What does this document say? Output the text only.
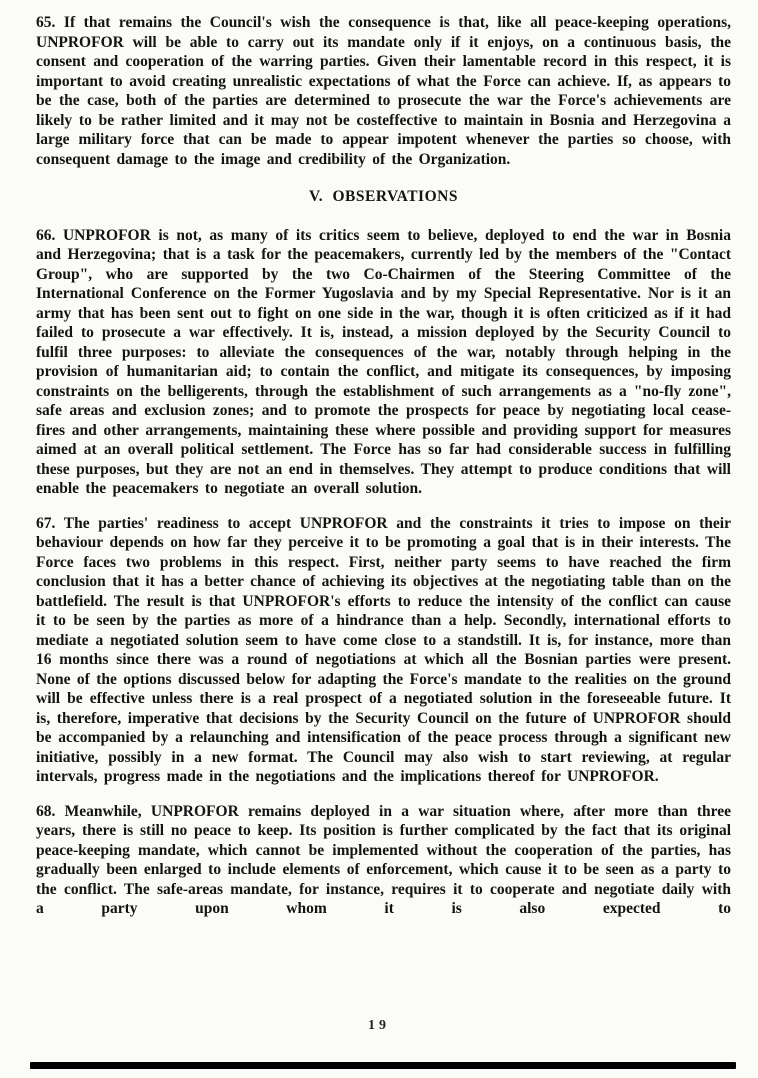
65. If that remains the Council's wish the consequence is that, like all peace-keeping operations, UNPROFOR will be able to carry out its mandate only if it enjoys, on a continuous basis, the consent and cooperation of the warring parties. Given their lamentable record in this respect, it is important to avoid creating unrealistic expectations of what the Force can achieve. If, as appears to be the case, both of the parties are determined to prosecute the war the Force's achievements are likely to be rather limited and it may not be costeffective to maintain in Bosnia and Herzegovina a large military force that can be made to appear impotent whenever the parties so choose, with consequent damage to the image and credibility of the Organization.

V. OBSERVATIONS

66. UNPROFOR is not, as many of its critics seem to believe, deployed to end the war in Bosnia and Herzegovina; that is a task for the peacemakers, currently led by the members of the "Contact Group", who are supported by the two Co-Chairmen of the Steering Committee of the International Conference on the Former Yugoslavia and by my Special Representative. Nor is it an army that has been sent out to fight on one side in the war, though it is often criticized as if it had failed to prosecute a war effectively. It is, instead, a mission deployed by the Security Council to fulfil three purposes: to alleviate the consequences of the war, notably through helping in the provision of humanitarian aid; to contain the conflict, and mitigate its consequences, by imposing constraints on the belligerents, through the establishment of such arrangements as a "no-fly zone", safe areas and exclusion zones; and to promote the prospects for peace by negotiating local cease-fires and other arrangements, maintaining these where possible and providing support for measures aimed at an overall political settlement. The Force has so far had considerable success in fulfilling these purposes, but they are not an end in themselves. They attempt to produce conditions that will enable the peacemakers to negotiate an overall solution.

67. The parties' readiness to accept UNPROFOR and the constraints it tries to impose on their behaviour depends on how far they perceive it to be promoting a goal that is in their interests. The Force faces two problems in this respect. First, neither party seems to have reached the firm conclusion that it has a better chance of achieving its objectives at the negotiating table than on the battlefield. The result is that UNPROFOR's efforts to reduce the intensity of the conflict can cause it to be seen by the parties as more of a hindrance than a help. Secondly, international efforts to mediate a negotiated solution seem to have come close to a standstill. It is, for instance, more than 16 months since there was a round of negotiations at which all the Bosnian parties were present. None of the options discussed below for adapting the Force's mandate to the realities on the ground will be effective unless there is a real prospect of a negotiated solution in the foreseeable future. It is, therefore, imperative that decisions by the Security Council on the future of UNPROFOR should be accompanied by a relaunching and intensification of the peace process through a significant new initiative, possibly in a new format. The Council may also wish to start reviewing, at regular intervals, progress made in the negotiations and the implications thereof for UNPROFOR.

68. Meanwhile, UNPROFOR remains deployed in a war situation where, after more than three years, there is still no peace to keep. Its position is further complicated by the fact that its original peace-keeping mandate, which cannot be implemented without the cooperation of the parties, has gradually been enlarged to include elements of enforcement, which cause it to be seen as a party to the conflict. The safe-areas mandate, for instance, requires it to cooperate and negotiate daily with a party upon whom it is also expected to

19
